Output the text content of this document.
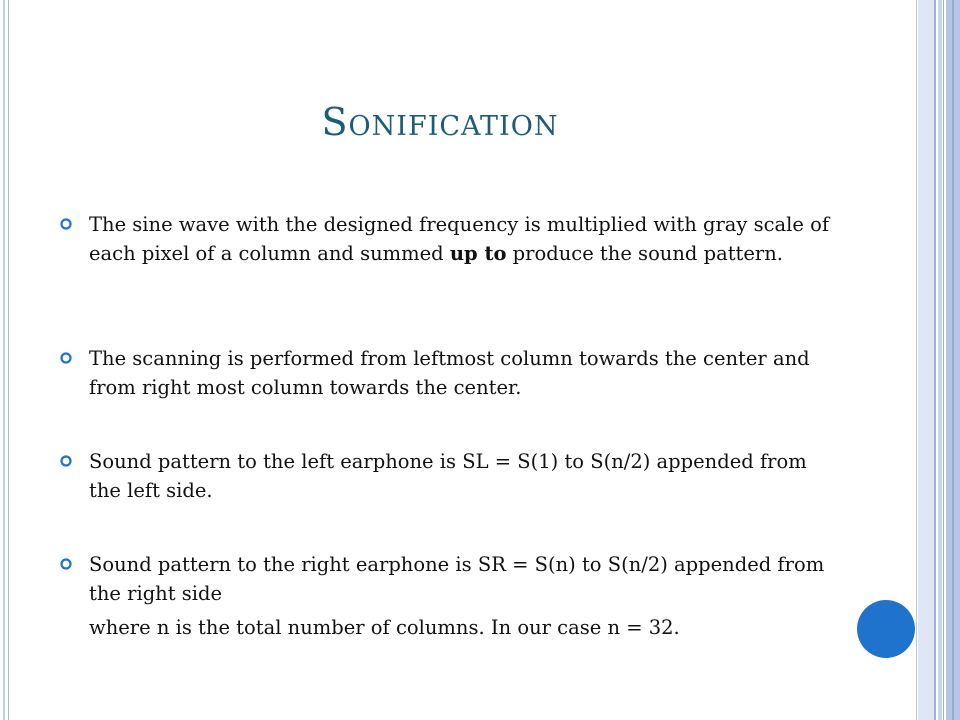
Sonification
The sine wave with the designed frequency is multiplied with gray scale of each pixel of a column and summed up to produce the sound pattern.
The scanning is performed from leftmost column towards the center and from right most column towards the center.
Sound pattern to the left earphone is SL = S(1) to S(n/2) appended from the left side.
Sound pattern to the right earphone is SR = S(n) to S(n/2) appended from the right side
where n is the total number of columns. In our case n = 32.
